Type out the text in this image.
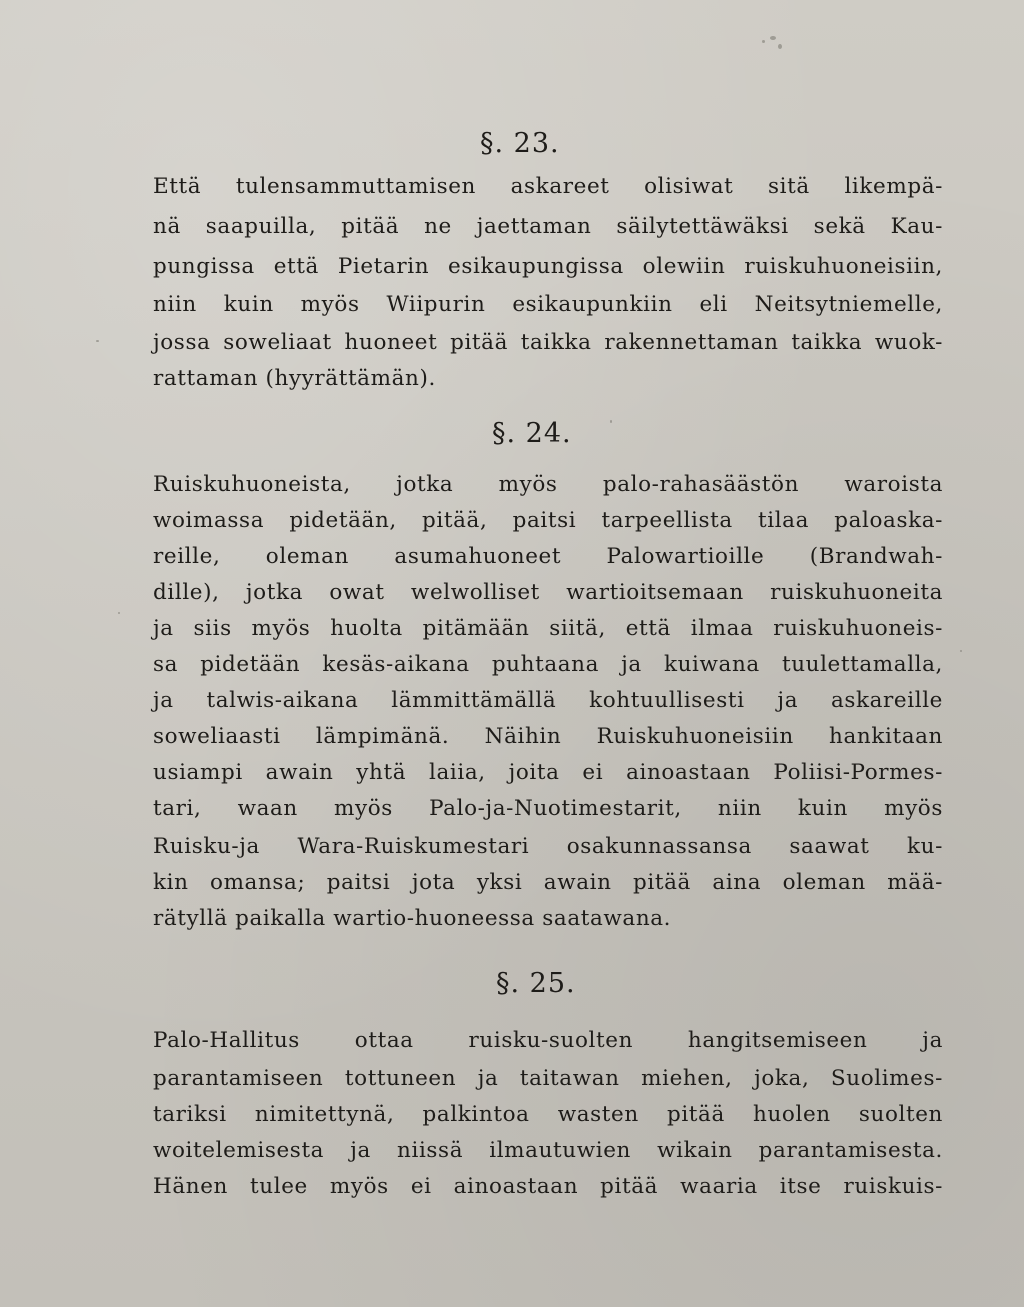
§. 23.
Että tulensammuttamisen askareet olisiwat sitä likempä-
nä saapuilla, pitää ne jaettaman säilytettäwäksi sekä Kau-
pungissa että Pietarin esikaupungissa olewiin ruiskuhuoneisiin,
niin kuin myös Wiipurin esikaupunkiin eli Neitsytniemelle,
jossa soweliaat huoneet pitää taikka rakennettaman taikka wuok-
rattaman (hyyrättämän).
§. 24.
Ruiskuhuoneista, jotka myös palo-rahasäästön waroista
woimassa pidetään, pitää, paitsi tarpeellista tilaa paloaska-
reille, oleman asumahuoneet Palowartioille (Brandwah-
dille), jotka owat welwolliset wartioitsemaan ruiskuhuoneita
ja siis myös huolta pitämään siitä, että ilmaa ruiskuhuoneis-
sa pidetään kesäs-aikana puhtaana ja kuiwana tuulettamalla,
ja talwis-aikana lämmittämällä kohtuullisesti ja askareille
soweliaasti lämpimänä. Näihin Ruiskuhuoneisiin hankitaan
usiampi awain yhtä laiia, joita ei ainoastaan Poliisi-Pormes-
tari, waan myös Palo-ja-Nuotimestarit, niin kuin myös
Ruisku-ja Wara-Ruiskumestari osakunnassansa saawat ku-
kin omansa; paitsi jota yksi awain pitää aina oleman mää-
rätyllä paikalla wartio-huoneessa saatawana.
§. 25.
Palo-Hallitus ottaa ruisku-suolten hangitsemiseen ja
parantamiseen tottuneen ja taitawan miehen, joka, Suolimes-
tariksi nimitettynä, palkintoa wasten pitää huolen suolten
woitelemisesta ja niissä ilmautuwien wikain parantamisesta.
Hänen tulee myös ei ainoastaan pitää waaria itse ruiskuis-
